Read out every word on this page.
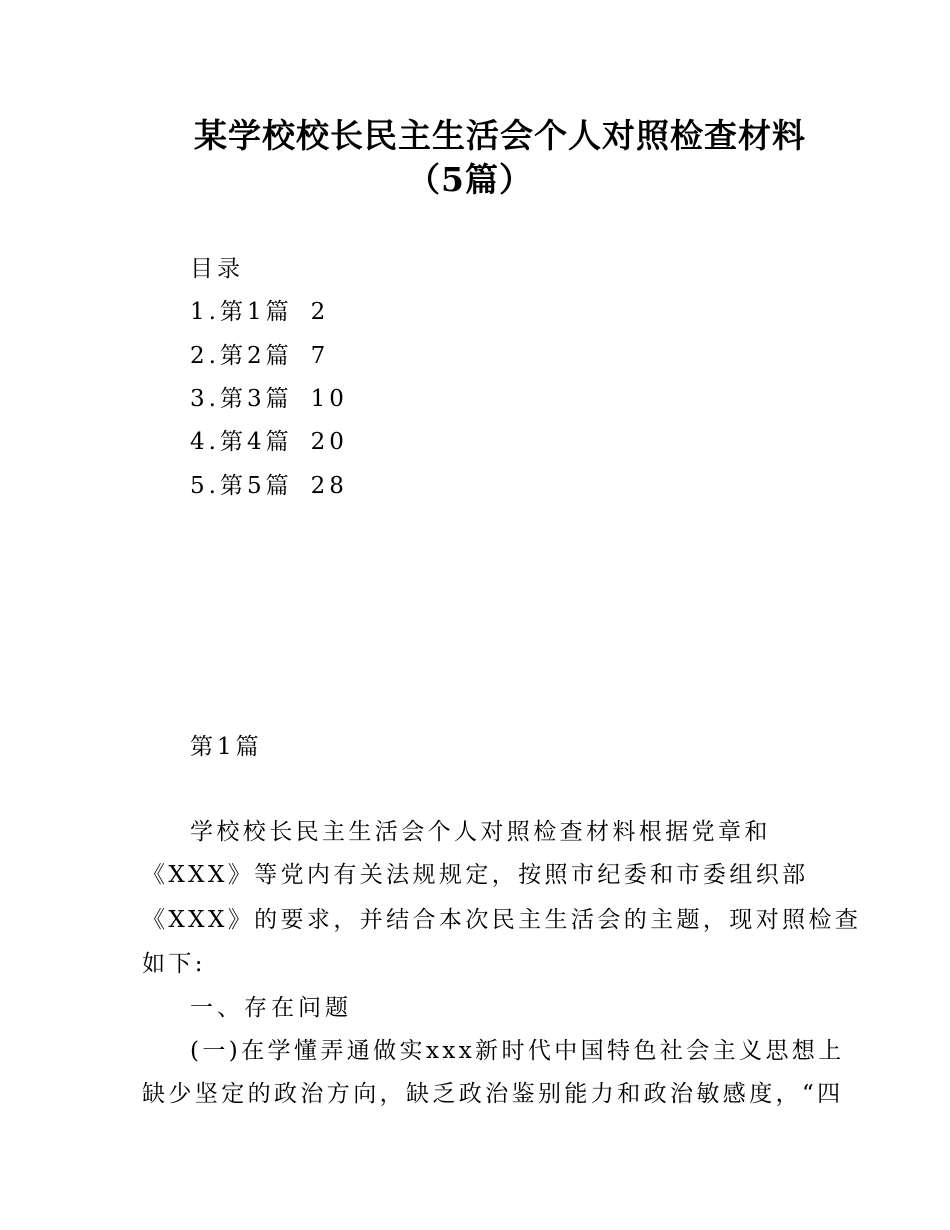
某学校校长民主生活会个人对照检查材料
（5篇）

目录

1.第1篇 2

2.第2篇 7

3.第3篇 10

4.第4篇 20

5.第5篇 28

第1篇

学校校长民主生活会个人对照检查材料根据党章和

《XXX》等党内有关法规规定，按照市纪委和市委组织部

《XXX》的要求，并结合本次民主生活会的主题，现对照检查

如下:

一、存在问题

(一)在学懂弄通做实xxx新时代中国特色社会主义思想上

缺少坚定的政治方向，缺乏政治鉴别能力和政治敏感度，“四
